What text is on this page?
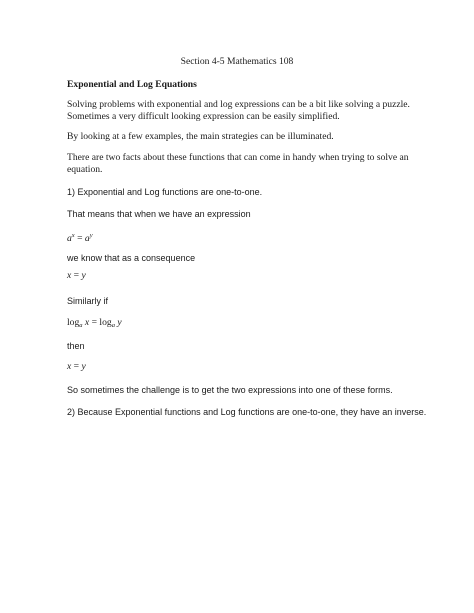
Section 4-5 Mathematics 108
Exponential and Log Equations
Solving problems with exponential and log expressions can be a bit like solving a puzzle.
Sometimes a very difficult looking expression can be easily simplified.
By looking at a few examples, the main strategies can be illuminated.
There are two facts about these functions that can come in handy when trying to solve an
equation.
1) Exponential and Log functions are one-to-one.
That means that when we have an expression
$a^x = a^y$
we know that as a consequence
x = y
Similarly if
$\log_a x = \log_a y$
then
x = y
So sometimes the challenge is to get the two expressions into one of these forms.
2) Because Exponential functions and Log functions are one-to-one, they have an inverse.
